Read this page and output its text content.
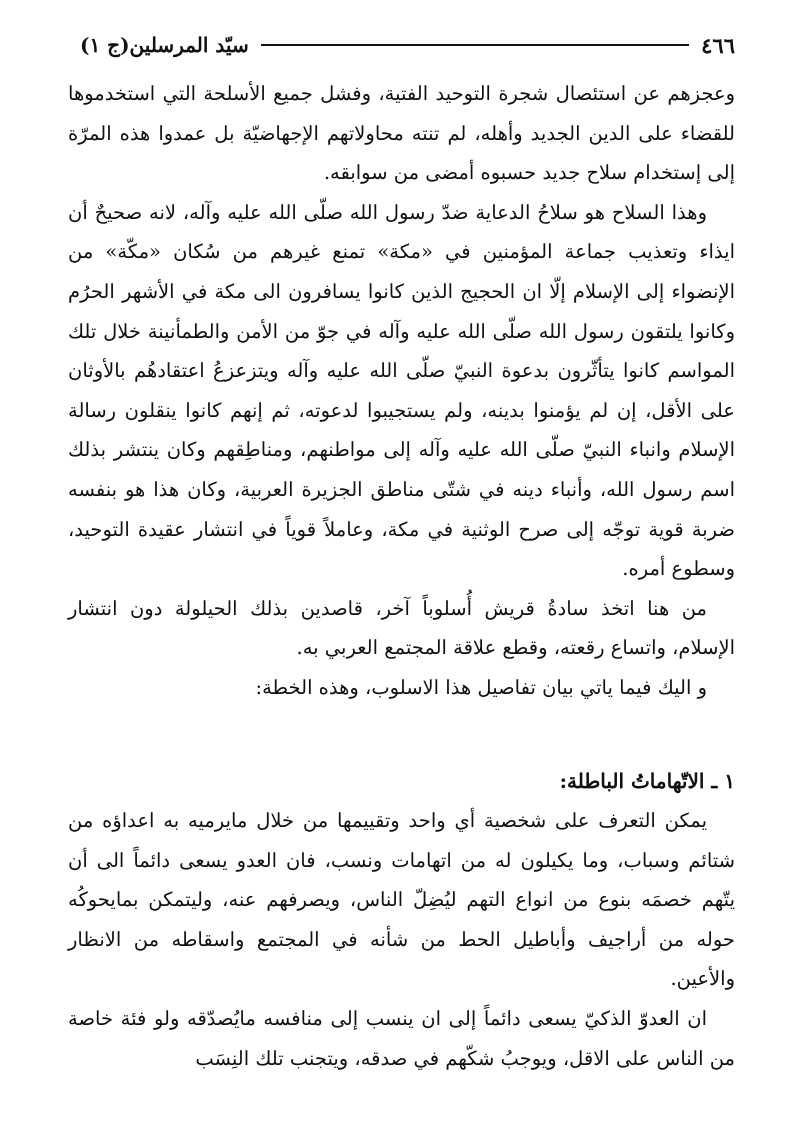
٤٦٦
سيّد المرسلين(ج ١)

وعجزهم عن استئصال شجرة التوحيد الفتية، وفشل جميع الأسلحة التي استخدموها للقضاء على الدين الجديد وأهله، لم تنته محاولاتهم الإجهاضيّة بل عمدوا هذه المرّة إلى إستخدام سلاح جديد حسبوه أمضى من سوابقه.

وهذا السلاح هو سلاحُ الدعاية ضدّ رسول الله صلّى الله عليه وآله، لانه صحيحٌ أن ايذاء وتعذيب جماعة المؤمنين في «مكة» تمنع غيرهم من سُكان «مكّة» من الإنضواء إلى الإسلام إلّا ان الحجيج الذين كانوا يسافرون الى مكة في الأشهر الحرُم وكانوا يلتقون رسول الله صلّى الله عليه وآله في جوّ من الأمن والطمأنينة خلال تلك المواسم كانوا يتأثّرون بدعوة النبيّ صلّى الله عليه وآله ويتزعزعُ اعتقادهُم بالأوثان على الأقل، إن لم يؤمنوا بدينه، ولم يستجيبوا لدعوته، ثم إنهم كانوا ينقلون رسالة الإسلام وانباء النبيّ صلّى الله عليه وآله إلى مواطنهم، ومناطِقهم وكان ينتشر بذلك اسم رسول الله، وأنباء دينه في شتّى مناطق الجزيرة العربية، وكان هذا هو بنفسه ضربة قوية توجّه إلى صرح الوثنية في مكة، وعاملاً قوياً في انتشار عقيدة التوحيد، وسطوع أمره.

من هنا اتخذ سادةُ قريش أُسلوباً آخر، قاصدين بذلك الحيلولة دون انتشار الإسلام، واتساع رقعته، وقطع علاقة المجتمع العربي به.

و اليك فيما ياتي بيان تفاصيل هذا الاسلوب، وهذه الخطة:

١ ـ الاتّهاماتُ الباطلة:

يمكن التعرف على شخصية أي واحد وتقييمها من خلال مايرميه به اعداؤه من شتائم وسباب، وما يكيلون له من اتهامات ونسب، فان العدو يسعى دائماً الى أن يتّهم خصمَه بنوع من انواع التهم ليُضِلّ الناس، ويصرفهم عنه، وليتمكن بمايحوكُه حوله من أراجيف وأباطيل الحط من شأنه في المجتمع واسقاطه من الانظار والأعين.

ان العدوّ الذكيّ يسعى دائماً إلى ان ينسب إلى منافسه مايُصدّقه ولو فئة خاصة من الناس على الاقل، ويوجبُ شكّهم في صدقه، ويتجنب تلك النِسَب
